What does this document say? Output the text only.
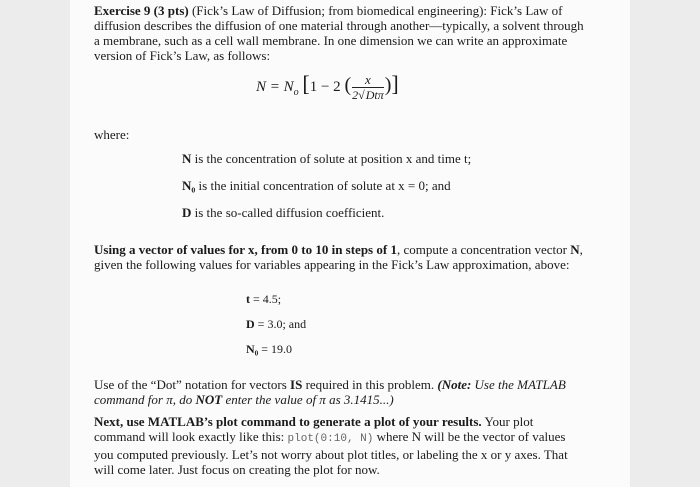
Exercise 9 (3 pts) (Fick’s Law of Diffusion; from biomedical engineering): Fick’s Law of

diffusion describes the diffusion of one material through another—typically, a solvent through

a membrane, such as a cell wall membrane. In one dimension we can write an approximate

version of Fick’s Law, as follows:

$N = N_o$ [1 − 2 ( $\frac{x}{\text{2√Dtπ}}$ )]
where:
N is the concentration of solute at position x and time t;
N₀ is the initial concentration of solute at x = 0; and
D is the so-called diffusion coefficient.

Using a vector of values for x, from 0 to 10 in steps of 1, compute a concentration vector N,

given the following values for variables appearing in the Fick’s Law approximation, above:

t = 4.5;
D = 3.0; and
N₀ = 19.0

Use of the “Dot” notation for vectors IS required in this problem. (Note: Use the MATLAB

command for π, do NOT enter the value of π as 3.1415...)

Next, use MATLAB’s plot command to generate a plot of your results. Your plot

command will look exactly like this: plot(0:10, N) where N will be the vector of values

you computed previously. Let’s not worry about plot titles, or labeling the x or y axes. That

will come later. Just focus on creating the plot for now.
